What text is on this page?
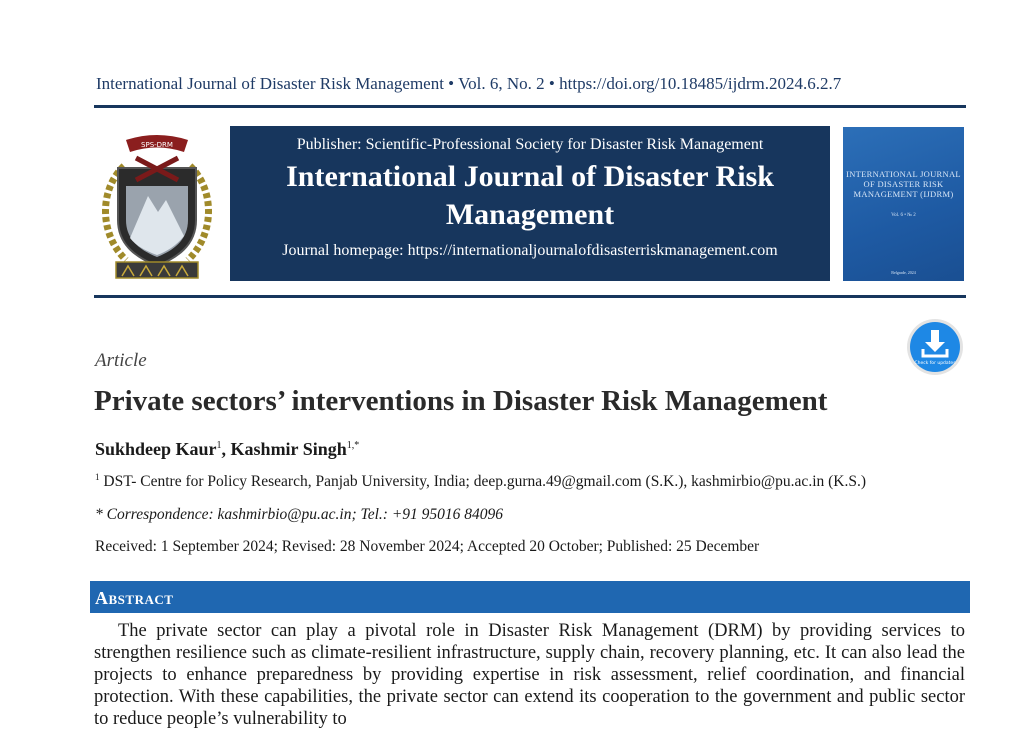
International Journal of Disaster Risk Management • Vol. 6, No. 2 • https://doi.org/10.18485/ijdrm.2024.6.2.7
SPS-DRM	Publisher: Scientific-Professional Society for Disaster Risk Management
International Journal of Disaster Risk Management
Journal homepage: https://internationaljournalofdisasterriskmanagement.com
INTERNATIONAL JOURNAL OF DISASTER RISK MANAGEMENT (IJDRM)
Vol. 6 • № 2
Belgrade, 2024
Check for updates
Article
Private sectors’ interventions in Disaster Risk Management
Sukhdeep Kaur$^1$, Kashmir Singh$^{1,*}$
$^1$ DST- Centre for Policy Research, Panjab University, India; deep.gurna.49@gmail.com (S.K.), kashmirbio@pu.ac.in (K.S.)
* Correspondence: kashmirbio@pu.ac.in; Tel.: +91 95016 84096
Received: 1 September 2024; Revised: 28 November 2024; Accepted 20 October; Published: 25 December
Abstract
The private sector can play a pivotal role in Disaster Risk Management (DRM) by providing services to strengthen resilience such as climate-resilient infrastructure, supply chain, recovery planning, etc. It can also lead the projects to enhance preparedness by providing expertise in risk assessment, relief coordination, and financial protection. With these capabilities, the private sector can extend its cooperation to the government and public sector to reduce people’s vulnerability to
